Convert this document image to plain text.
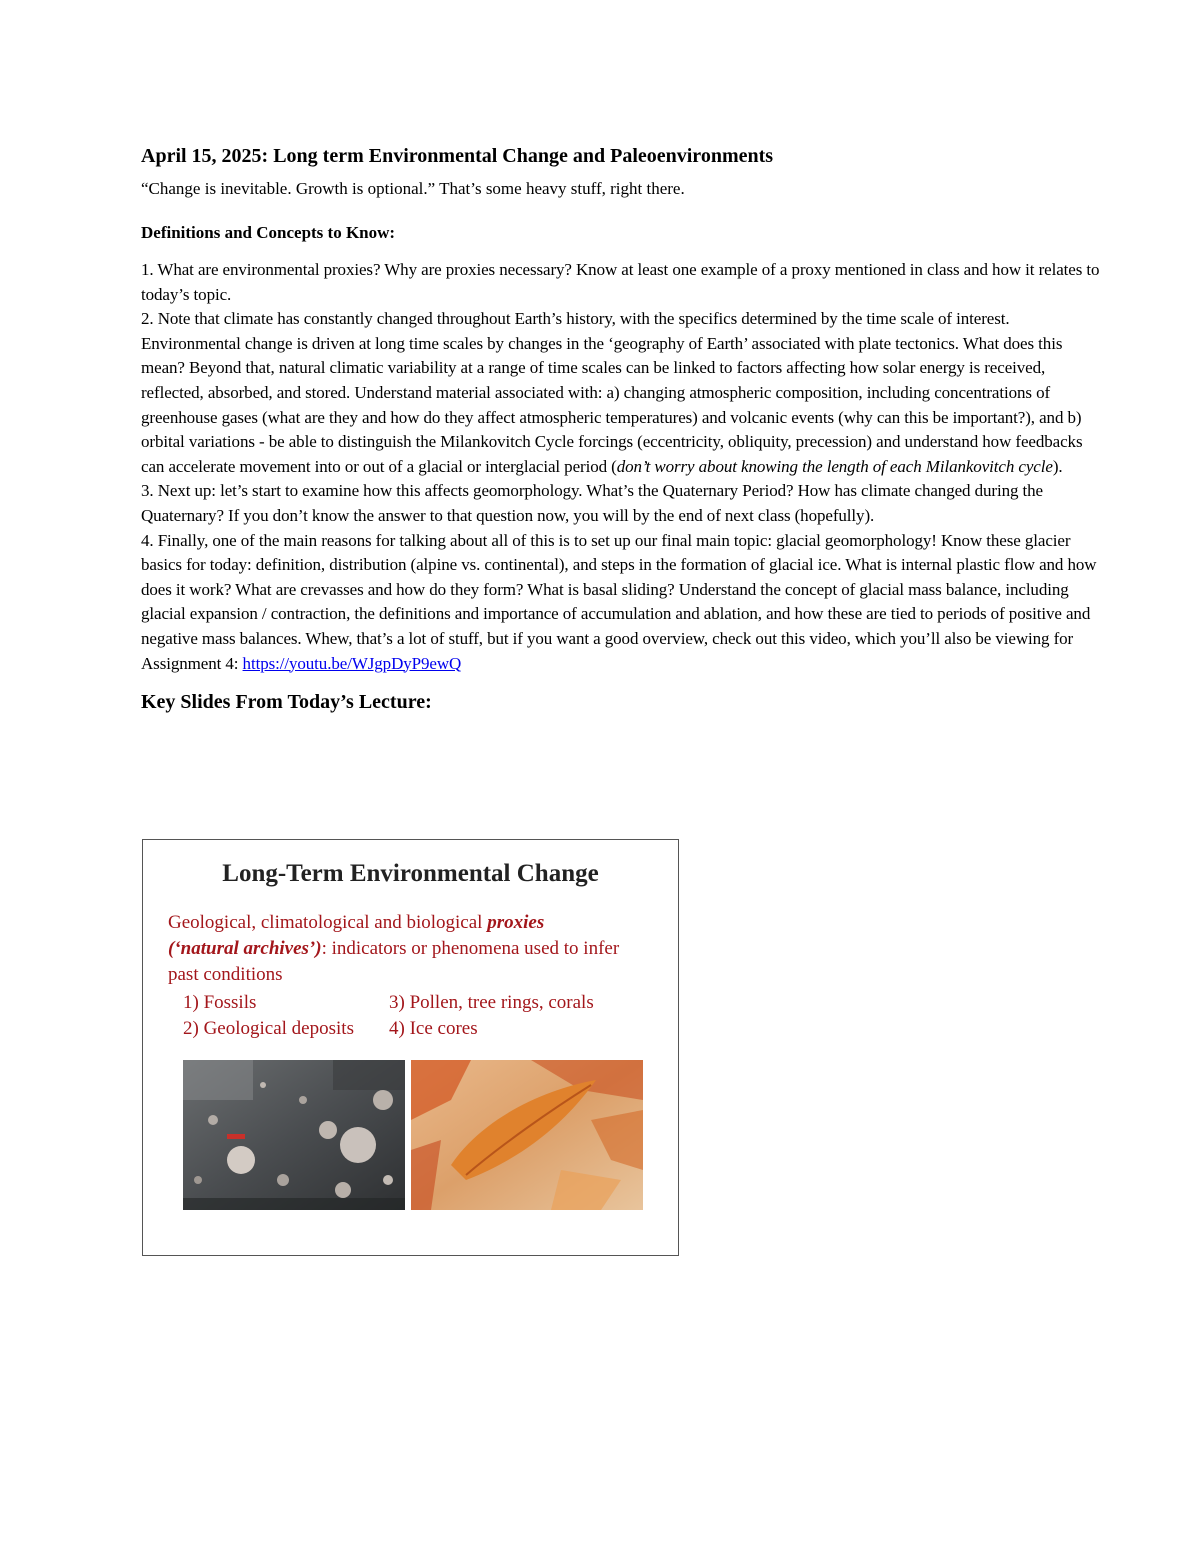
April 15, 2025: Long term Environmental Change and Paleoenvironments

“Change is inevitable. Growth is optional.” That’s some heavy stuff, right there.

Definitions and Concepts to Know:

1. What are environmental proxies? Why are proxies necessary? Know at least one example of a proxy mentioned in class and how it relates to today’s topic.

2. Note that climate has constantly changed throughout Earth’s history, with the specifics determined by the time scale of interest. Environmental change is driven at long time scales by changes in the ‘geography of Earth’ associated with plate tectonics. What does this mean? Beyond that, natural climatic variability at a range of time scales can be linked to factors affecting how solar energy is received, reflected, absorbed, and stored. Understand material associated with: a) changing atmospheric composition, including concentrations of greenhouse gases (what are they and how do they affect atmospheric temperatures) and volcanic events (why can this be important?), and b) orbital variations - be able to distinguish the Milankovitch Cycle forcings (eccentricity, obliquity, precession) and understand how feedbacks can accelerate movement into or out of a glacial or interglacial period (don’t worry about knowing the length of each Milankovitch cycle).

3. Next up: let’s start to examine how this affects geomorphology. What’s the Quaternary Period? How has climate changed during the Quaternary? If you don’t know the answer to that question now, you will by the end of next class (hopefully).

4. Finally, one of the main reasons for talking about all of this is to set up our final main topic: glacial geomorphology! Know these glacier basics for today: definition, distribution (alpine vs. continental), and steps in the formation of glacial ice. What is internal plastic flow and how does it work? What are crevasses and how do they form? What is basal sliding? Understand the concept of glacial mass balance, including glacial expansion / contraction, the definitions and importance of accumulation and ablation, and how these are tied to periods of positive and negative mass balances. Whew, that’s a lot of stuff, but if you want a good overview, check out this video, which you’ll also be viewing for Assignment 4: https://youtu.be/WJgpDyP9ewQ

Key Slides From Today’s Lecture:

Long-Term Environmental Change

Geological, climatological and biological proxies
(‘natural archives’): indicators or phenomena used to infer past conditions

1) Fossils	3) Pollen, tree rings, corals
2) Geological deposits	4) Ice cores
